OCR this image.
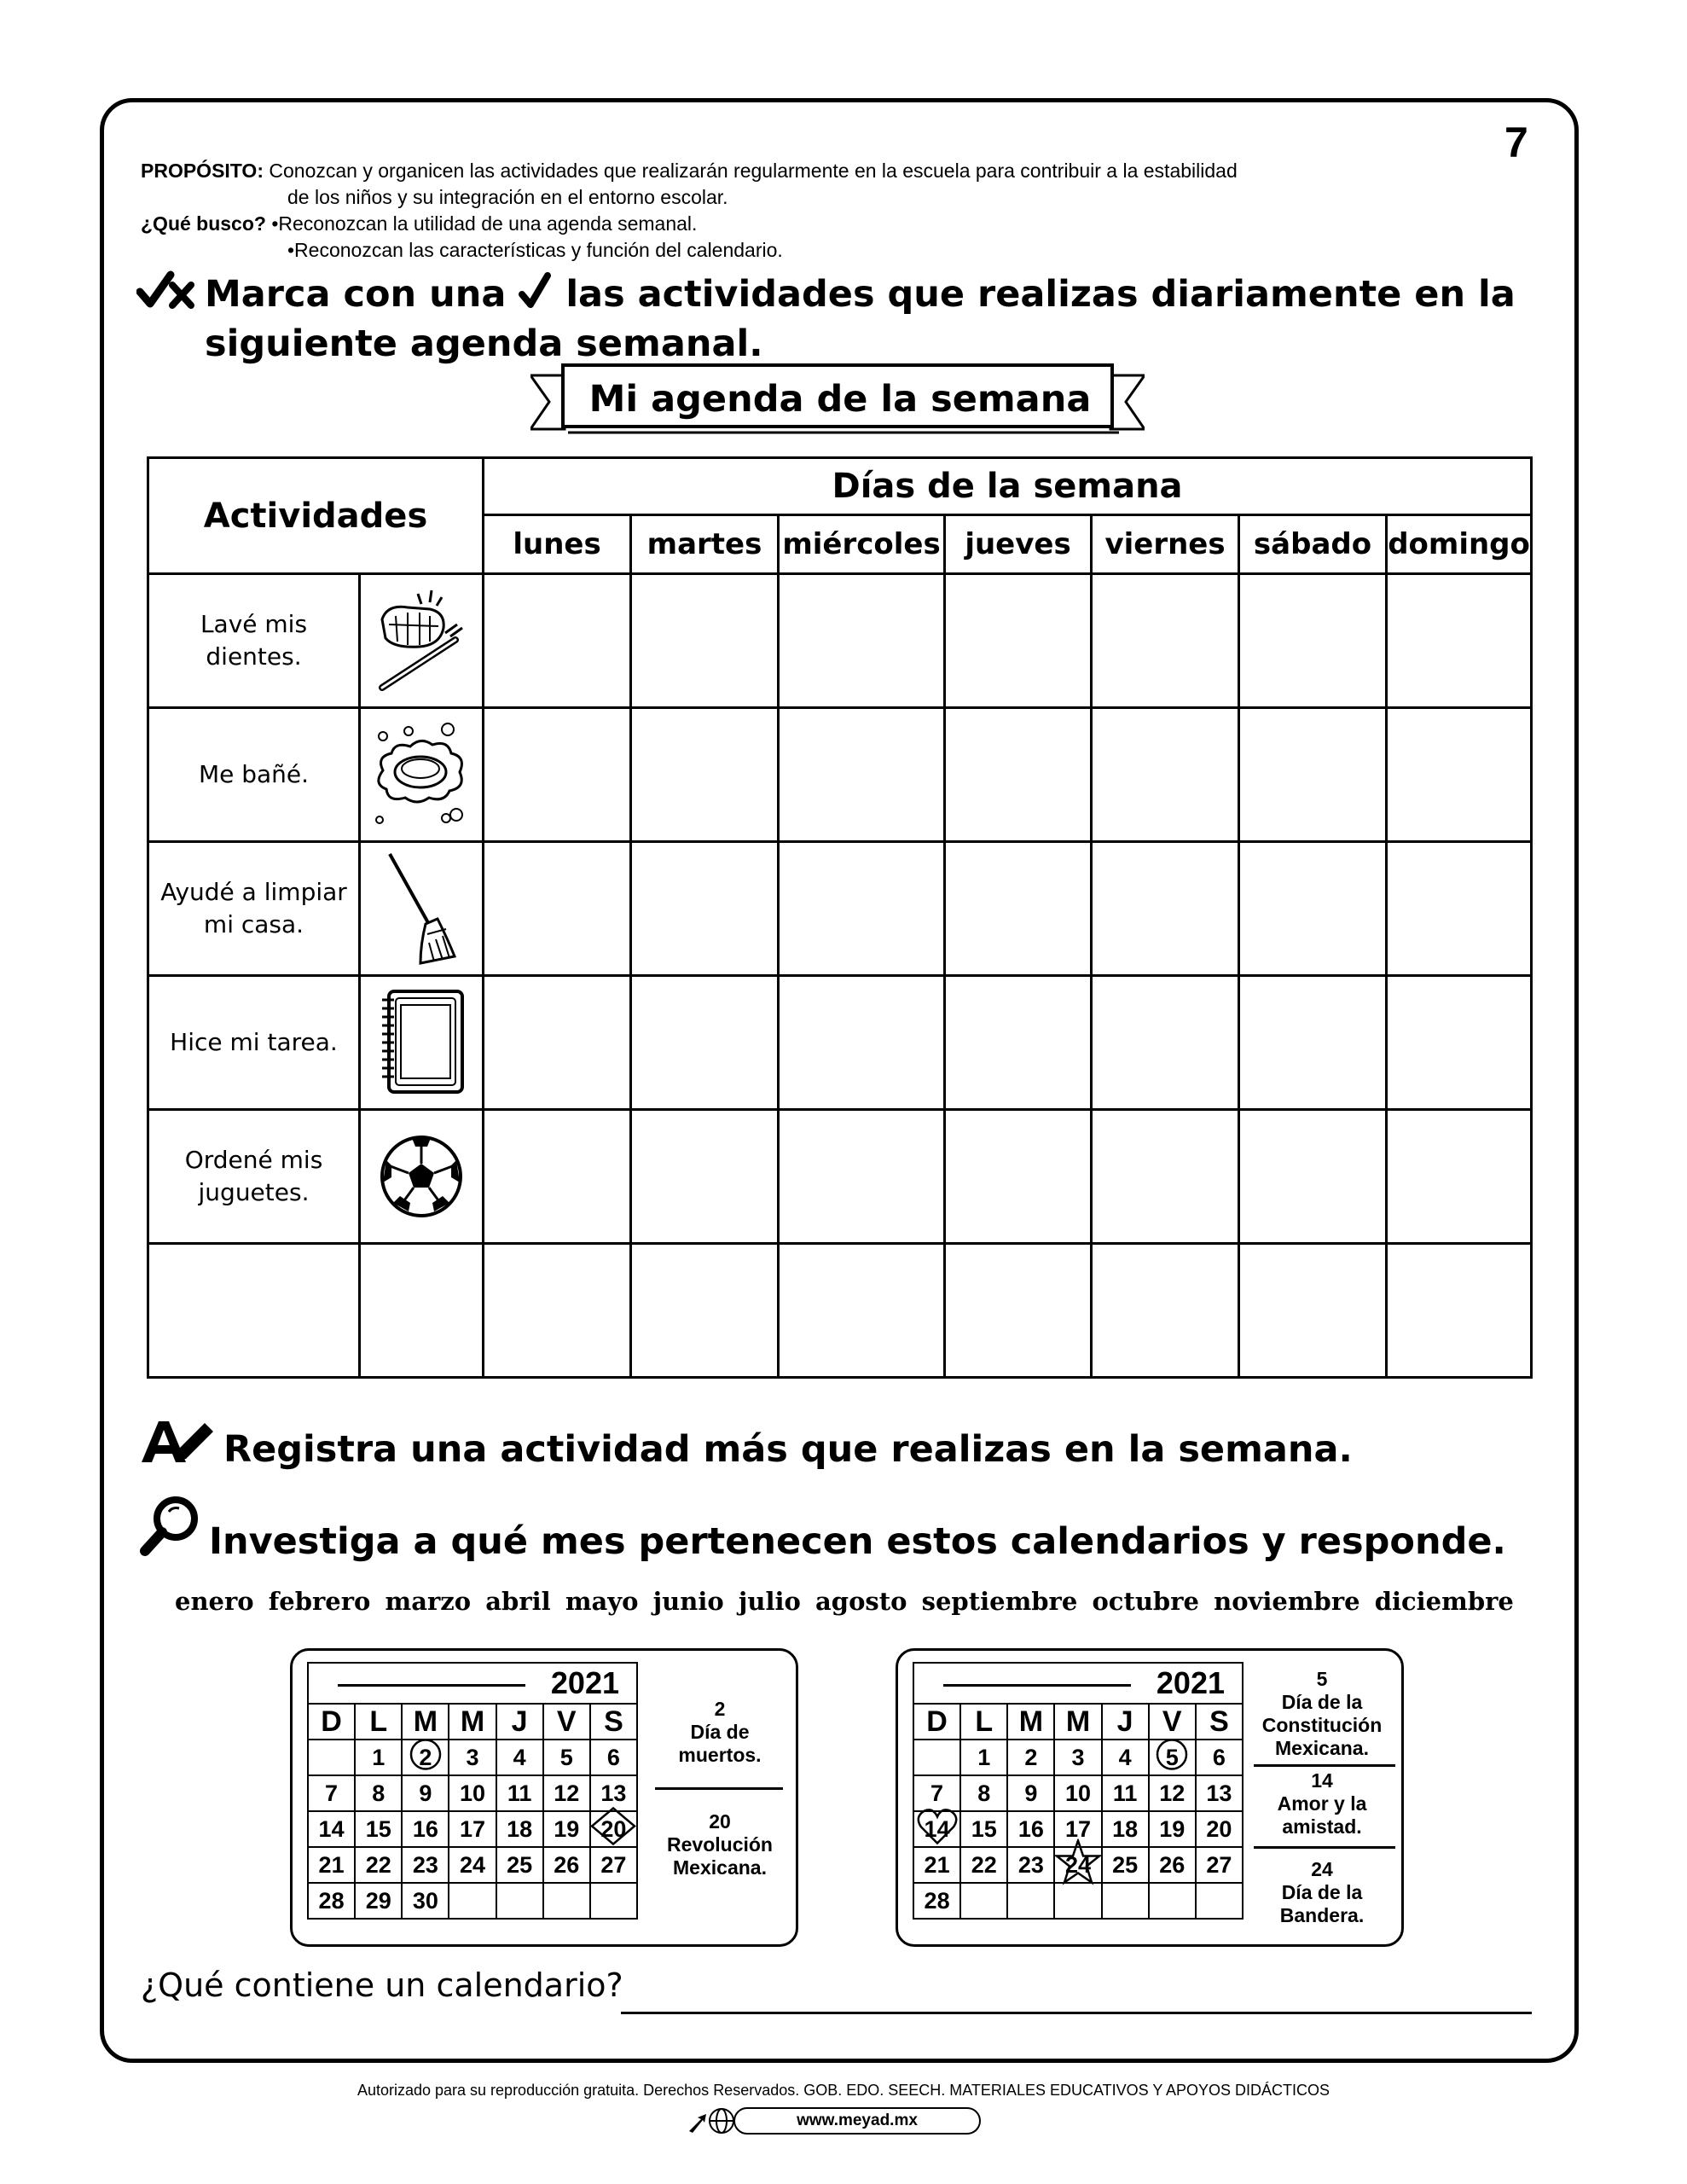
7
PROPÓSITO: Conozcan y organicen las actividades que realizarán regularmente en la escuela para contribuir a la estabilidad
de los niños y su integración en el entorno escolar.
¿Qué busco? •Reconozcan la utilidad de una agenda semanal.
•Reconozcan las características y función del calendario.
Marca con una las actividades que realizas diariamente en la
siguiente agenda semanal.
Mi agenda de la semana
Actividades		Días de la semana						
		lunes	martes	miércoles	jueves	viernes	sábado	domingo
Lavé mis dientes.	

Me bañé.	

Ayudé a limpiar mi casa.	

Hice mi tarea.	

Ordené mis juguetes.	

Registra una actividad más que realizas en la semana.
Investiga a qué mes pertenecen estos calendarios y responde.
enero febrero marzo abril mayo junio julio agosto septiembre octubre noviembre diciembre
2021						
D	L	M	M	J	V	S
	1	2	3	4	5	6
7	8	9	10	11	12	13
14	15	16	17	18	19	20

21	22	23	24	25	26	27
28	29	30				
2
Día de muertos.
20
Revolución Mexicana.
2021						
D	L	M	M	J	V	S
	1	2	3	4	5	6
7	8	9	10	11	12	13
14	15	16	17	18	19	20
21	22	23	24	25	26	27
28						
5
Día de la Constitución Mexicana.
14
Amor y la amistad.
24
Día de la Bandera.
¿Qué contiene un calendario?
Autorizado para su reproducción gratuita. Derechos Reservados. GOB. EDO. SEECH. MATERIALES EDUCATIVOS Y APOYOS DIDÁCTICOS
www.meyad.mx
